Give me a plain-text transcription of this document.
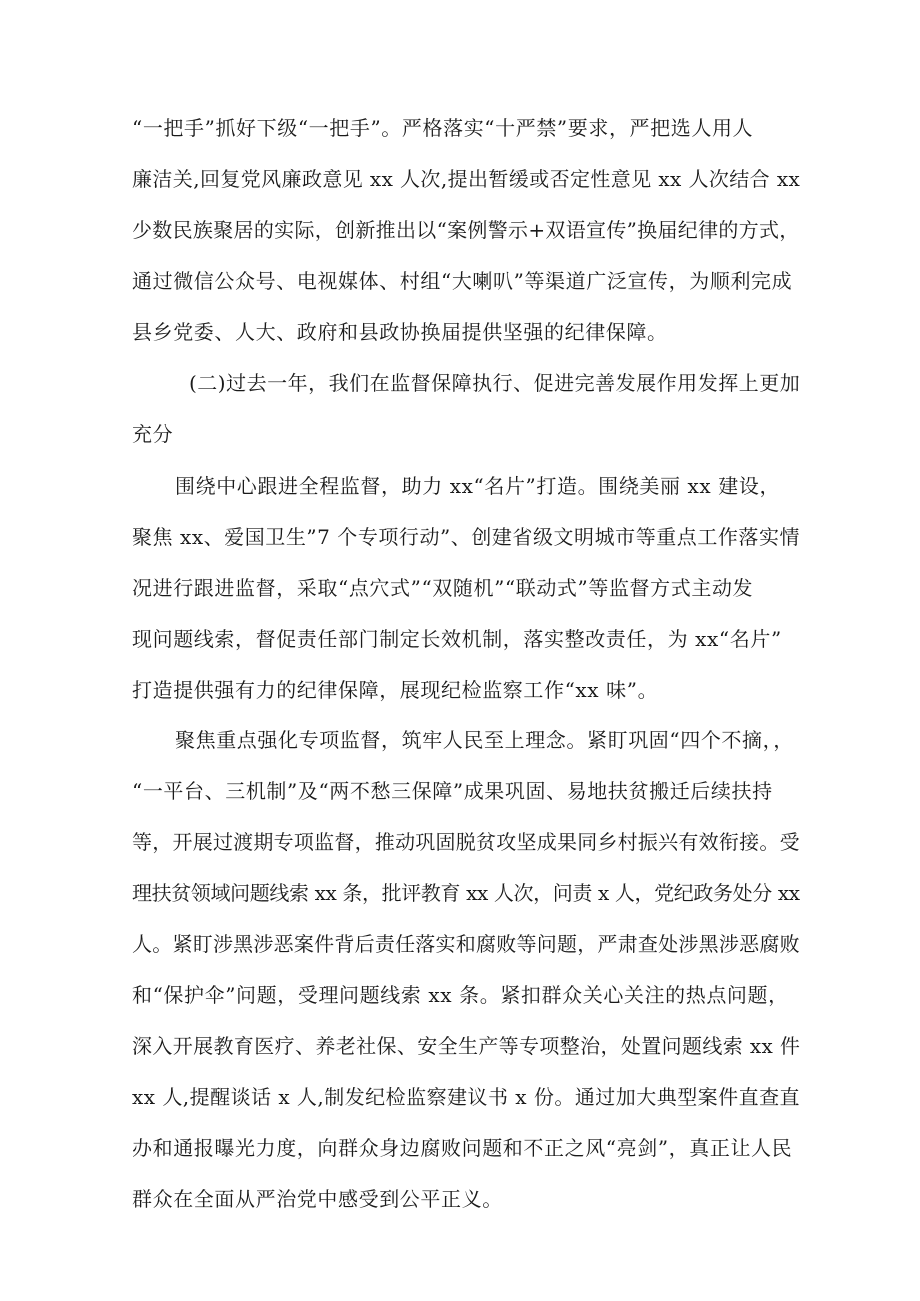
“一把手”抓好下级“一把手”。严格落实“十严禁”要求，严把选人用人
廉洁关,回复党风廉政意见 xx 人次,提出暂缓或否定性意见 xx 人次结合 xx
少数民族聚居的实际，创新推出以“案例警示+双语宣传”换届纪律的方式，
通过微信公众号、电视媒体、村组“大喇叭”等渠道广泛宣传，为顺利完成
县乡党委、人大、政府和县政协换届提供坚强的纪律保障。
(二)过去一年，我们在监督保障执行、促进完善发展作用发挥上更加
充分
围绕中心跟进全程监督，助力 xx“名片”打造。围绕美丽 xx 建设，
聚焦 xx、爱国卫生”7 个专项行动”、创建省级文明城市等重点工作落实情
况进行跟进监督，采取“点穴式”“双随机”“联动式”等监督方式主动发
现问题线索，督促责任部门制定长效机制，落实整改责任，为 xx“名片”
打造提供强有力的纪律保障，展现纪检监察工作“xx 味”。
聚焦重点强化专项监督，筑牢人民至上理念。紧盯巩固“四个不摘，，
“一平台、三机制”及“两不愁三保障”成果巩固、易地扶贫搬迁后续扶持
等，开展过渡期专项监督，推动巩固脱贫攻坚成果同乡村振兴有效衔接。受
理扶贫领域问题线索 xx 条，批评教育 xx 人次，问责 x 人，党纪政务处分 xx
人。紧盯涉黑涉恶案件背后责任落实和腐败等问题，严肃查处涉黑涉恶腐败
和“保护伞”问题，受理问题线索 xx 条。紧扣群众关心关注的热点问题，
深入开展教育医疗、养老社保、安全生产等专项整治，处置问题线索 xx 件
xx 人,提醒谈话 x 人,制发纪检监察建议书 x 份。通过加大典型案件直查直
办和通报曝光力度，向群众身边腐败问题和不正之风“亮剑”，真正让人民
群众在全面从严治党中感受到公平正义。
